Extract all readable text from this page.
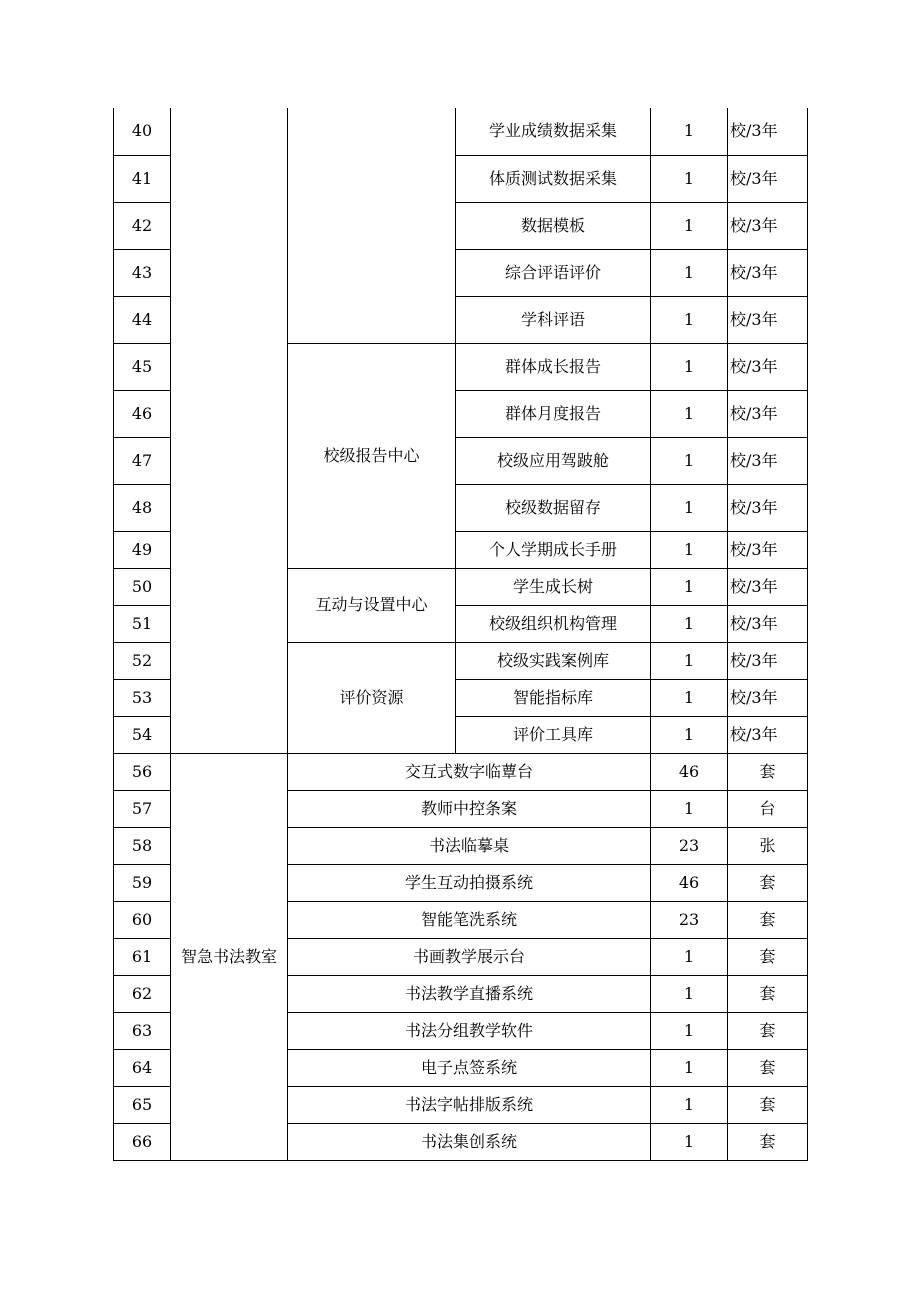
40			学业成绩数据采集	1	校/3年
41			体质测试数据采集	1	校/3年
42			数据模板	1	校/3年
43			综合评语评价	1	校/3年
44			学科评语	1	校/3年
45		校级报告中心	群体成长报告	1	校/3年
46			群体月度报告	1	校/3年
47			校级应用驾跛舱	1	校/3年
48			校级数据留存	1	校/3年
49			个人学期成长手册	1	校/3年
50		互动与设置中心	学生成长树	1	校/3年
51			校级组织机构管理	1	校/3年
52		评价资源	校级实践案例库	1	校/3年
53			智能指标库	1	校/3年
54			评价工具库	1	校/3年
56	智急书法教室	交互式数字临蕈台		46	套
57		教师中控条案		1	台
58		书法临摹桌		23	张
59		学生互动拍摄系统		46	套
60		智能笔洗系统		23	套
61		书画教学展示台		1	套
62		书法教学直播系统		1	套
63		书法分组教学软件		1	套
64		电子点签系统		1	套
65		书法字帖排版系统		1	套
66		书法集创系统		1	套
